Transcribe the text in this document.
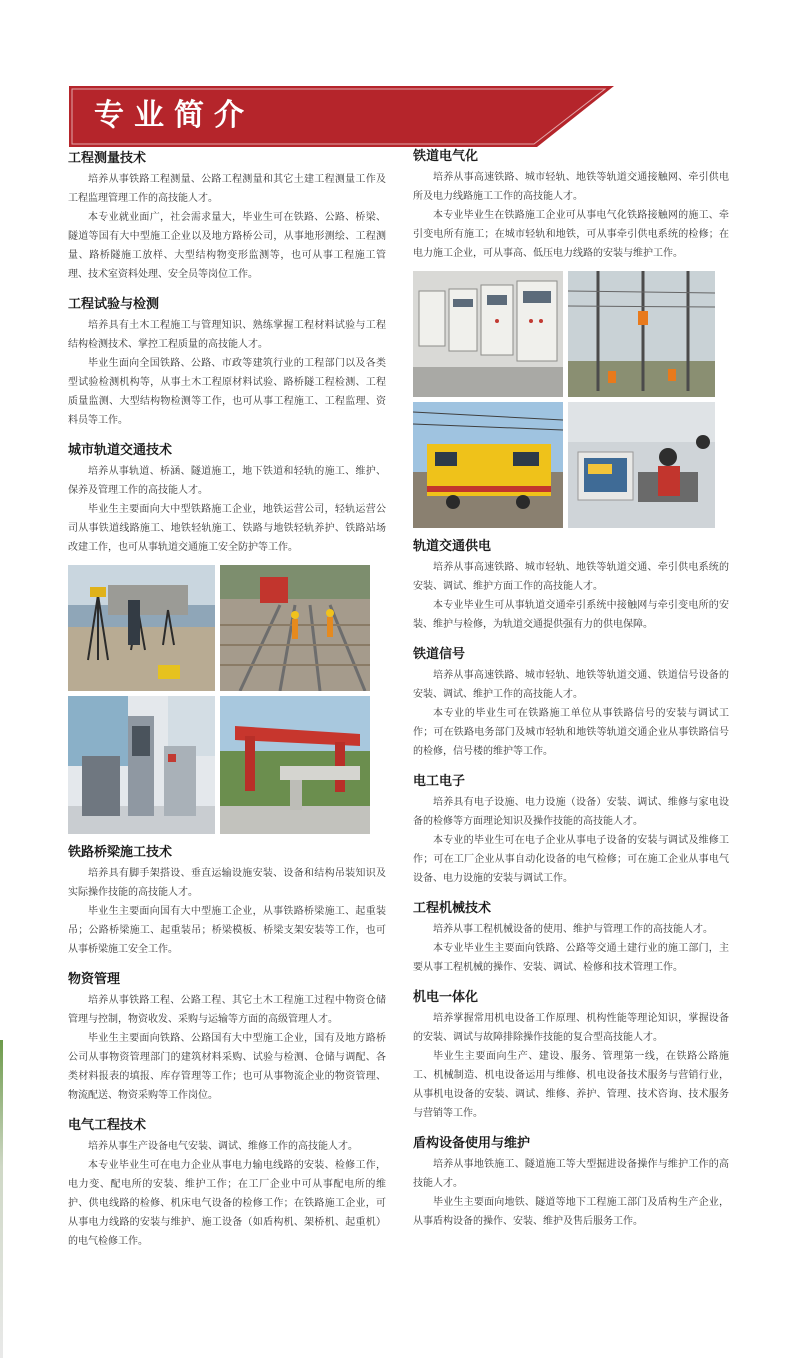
专业简介
工程测量技术

培养从事铁路工程测量、公路工程测量和其它土建工程测量工作及工程监理管理工作的高技能人才。

本专业就业面广，社会需求量大，毕业生可在铁路、公路、桥梁、隧道等国有大中型施工企业以及地方路桥公司，从事地形测绘、工程测量、路桥隧施工放样、大型结构物变形监测等，也可从事工程施工管理、技术室资料处理、安全员等岗位工作。

工程试验与检测

培养具有土木工程施工与管理知识、熟练掌握工程材料试验与工程结构检测技术、掌控工程质量的高技能人才。

毕业生面向全国铁路、公路、市政等建筑行业的工程部门以及各类型试验检测机构等，从事土木工程原材料试验、路桥隧工程检测、工程质量监测、大型结构物检测等工作，也可从事工程施工、工程监理、资料员等工作。

城市轨道交通技术

培养从事轨道、桥涵、隧道施工，地下铁道和轻轨的施工、维护、保养及管理工作的高技能人才。

毕业生主要面向大中型铁路施工企业，地铁运营公司，轻轨运营公司从事铁道线路施工、地铁轻轨施工、铁路与地铁轻轨养护、铁路站场改建工作，也可从事轨道交通施工安全防护等工作。

铁路桥梁施工技术

培养具有脚手架搭设、垂直运输设施安装、设备和结构吊装知识及实际操作技能的高技能人才。

毕业生主要面向国有大中型施工企业，从事铁路桥梁施工、起重装吊；公路桥梁施工、起重装吊；桥梁模板、桥梁支架安装等工作，也可从事桥梁施工安全工作。

物资管理

培养从事铁路工程、公路工程、其它土木工程施工过程中物资仓储管理与控制，物资收发、采购与运输等方面的高级管理人才。

毕业生主要面向铁路、公路国有大中型施工企业，国有及地方路桥公司从事物资管理部门的建筑材料采购、试验与检测、仓储与调配、各类材料报表的填报、库存管理等工作；也可从事物流企业的物资管理、物流配送、物资采购等工作岗位。

电气工程技术

培养从事生产设备电气安装、调试、维修工作的高技能人才。

本专业毕业生可在电力企业从事电力输电线路的安装、检修工作，电力变、配电所的安装、维护工作；在工厂企业中可从事配电所的维护、供电线路的检修、机床电气设备的检修工作；在铁路施工企业，可从事电力线路的安装与维护、施工设备（如盾构机、架桥机、起重机）的电气检修工作。

铁道电气化

培养从事高速铁路、城市轻轨、地铁等轨道交通接触网、牵引供电所及电力线路施工工作的高技能人才。

本专业毕业生在铁路施工企业可从事电气化铁路接触网的施工、牵引变电所有施工；在城市轻轨和地铁，可从事牵引供电系统的检修；在电力施工企业，可从事高、低压电力线路的安装与维护工作。

轨道交通供电

培养从事高速铁路、城市轻轨、地铁等轨道交通、牵引供电系统的安装、调试、维护方面工作的高技能人才。

本专业毕业生可从事轨道交通牵引系统中接触网与牵引变电所的安装、维护与检修，为轨道交通提供强有力的供电保障。

铁道信号

培养从事高速铁路、城市轻轨、地铁等轨道交通、铁道信号设备的安装、调试、维护工作的高技能人才。

本专业的毕业生可在铁路施工单位从事铁路信号的安装与调试工作；可在铁路电务部门及城市轻轨和地铁等轨道交通企业从事铁路信号的检修，信号楼的维护等工作。

电工电子

培养具有电子设施、电力设施（设备）安装、调试、维修与家电设备的检修等方面理论知识及操作技能的高技能人才。

本专业的毕业生可在电子企业从事电子设备的安装与调试及维修工作；可在工厂企业从事自动化设备的电气检修；可在施工企业从事电气设备、电力设施的安装与调试工作。

工程机械技术

培养从事工程机械设备的使用、维护与管理工作的高技能人才。

本专业毕业生主要面向铁路、公路等交通土建行业的施工部门，主要从事工程机械的操作、安装、调试、检修和技术管理工作。

机电一体化

培养掌握常用机电设备工作原理、机构性能等理论知识，掌握设备的安装、调试与故障排除操作技能的复合型高技能人才。

毕业生主要面向生产、建设、服务、管理第一线，在铁路公路施工、机械制造、机电设备运用与维修、机电设备技术服务与营销行业，从事机电设备的安装、调试、维修、养护、管理、技术咨询、技术服务与营销等工作。

盾构设备使用与维护

培养从事地铁施工、隧道施工等大型掘进设备操作与维护工作的高技能人才。

毕业生主要面向地铁、隧道等地下工程施工部门及盾构生产企业，从事盾构设备的操作、安装、维护及售后服务工作。
